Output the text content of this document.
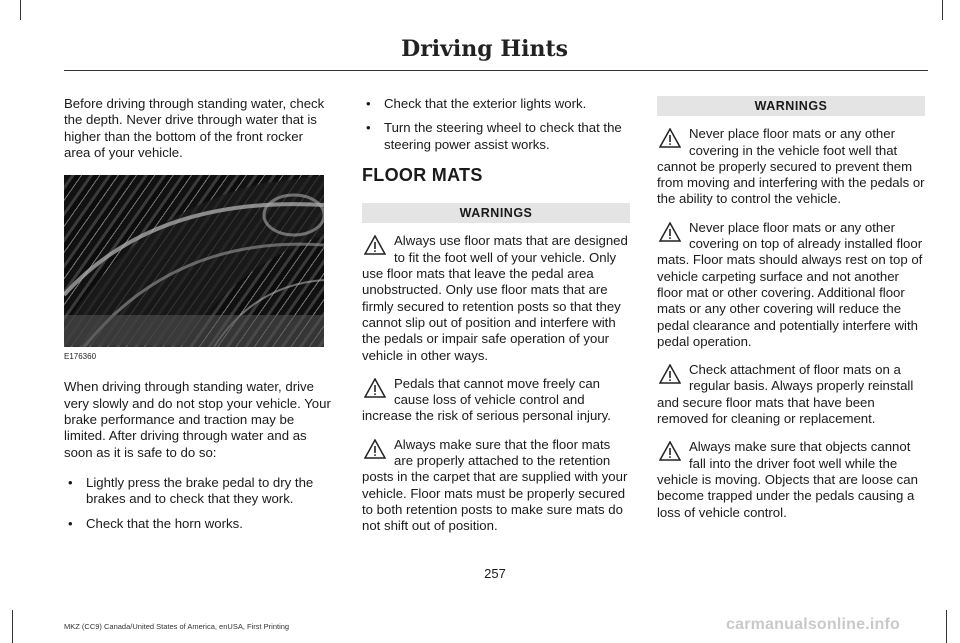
Driving Hints

Before driving through standing water, check the depth. Never drive through water that is higher than the bottom of the front rocker area of your vehicle.

E176360

When driving through standing water, drive very slowly and do not stop your vehicle. Your brake performance and traction may be limited. After driving through water and as soon as it is safe to do so:

• Lightly press the brake pedal to dry the brakes and to check that they work.
• Check that the horn works.
• Check that the exterior lights work.
• Turn the steering wheel to check that the steering power assist works.
FLOOR MATS
WARNINGS
Always use floor mats that are designed to fit the foot well of your vehicle. Only use floor mats that leave the pedal area unobstructed. Only use floor mats that are firmly secured to retention posts so that they cannot slip out of position and interfere with the pedals or impair safe operation of your vehicle in other ways.
Pedals that cannot move freely can cause loss of vehicle control and increase the risk of serious personal injury.
Always make sure that the floor mats are properly attached to the retention posts in the carpet that are supplied with your vehicle. Floor mats must be properly secured to both retention posts to make sure mats do not shift out of position.
WARNINGS
Never place floor mats or any other covering in the vehicle foot well that cannot be properly secured to prevent them from moving and interfering with the pedals or the ability to control the vehicle.
Never place floor mats or any other covering on top of already installed floor mats. Floor mats should always rest on top of vehicle carpeting surface and not another floor mat or other covering. Additional floor mats or any other covering will reduce the pedal clearance and potentially interfere with pedal operation.
Check attachment of floor mats on a regular basis. Always properly reinstall and secure floor mats that have been removed for cleaning or replacement.
Always make sure that objects cannot fall into the driver foot well while the vehicle is moving. Objects that are loose can become trapped under the pedals causing a loss of vehicle control.
257
MKZ (CC9) Canada/United States of America, enUSA, First Printing	carmanualsonline.info
